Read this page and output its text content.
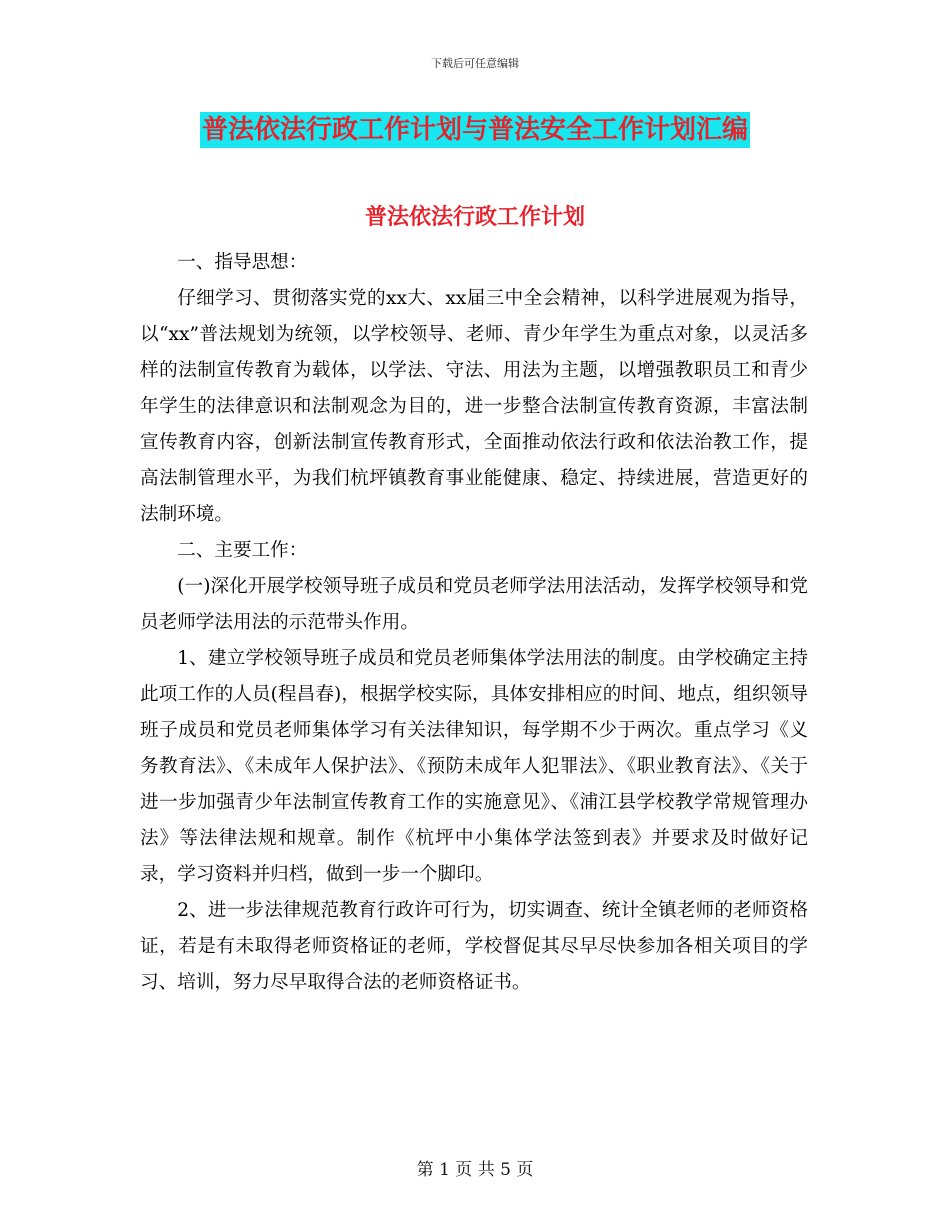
下载后可任意编辑
普法依法行政工作计划与普法安全工作计划汇编
普法依法行政工作计划

一、指导思想：

仔细学习、贯彻落实党的xx大、xx届三中全会精神，以科学进展观为指导，以“xx”普法规划为统领，以学校领导、老师、青少年学生为重点对象，以灵活多样的法制宣传教育为载体，以学法、守法、用法为主题，以增强教职员工和青少年学生的法律意识和法制观念为目的，进一步整合法制宣传教育资源，丰富法制宣传教育内容，创新法制宣传教育形式，全面推动依法行政和依法治教工作，提高法制管理水平，为我们杭坪镇教育事业能健康、稳定、持续进展，营造更好的法制环境。

二、主要工作：

(一)深化开展学校领导班子成员和党员老师学法用法活动，发挥学校领导和党员老师学法用法的示范带头作用。

1、建立学校领导班子成员和党员老师集体学法用法的制度。由学校确定主持此项工作的人员(程昌春)，根据学校实际，具体安排相应的时间、地点，组织领导班子成员和党员老师集体学习有关法律知识，每学期不少于两次。重点学习《义务教育法》、《未成年人保护法》、《预防未成年人犯罪法》、《职业教育法》、《关于进一步加强青少年法制宣传教育工作的实施意见》、《浦江县学校教学常规管理办法》等法律法规和规章。制作《杭坪中小集体学法签到表》并要求及时做好记录，学习资料并归档，做到一步一个脚印。

2、进一步法律规范教育行政许可行为，切实调查、统计全镇老师的老师资格证，若是有未取得老师资格证的老师，学校督促其尽早尽快参加各相关项目的学习、培训，努力尽早取得合法的老师资格证书。

第 1 页 共 5 页
